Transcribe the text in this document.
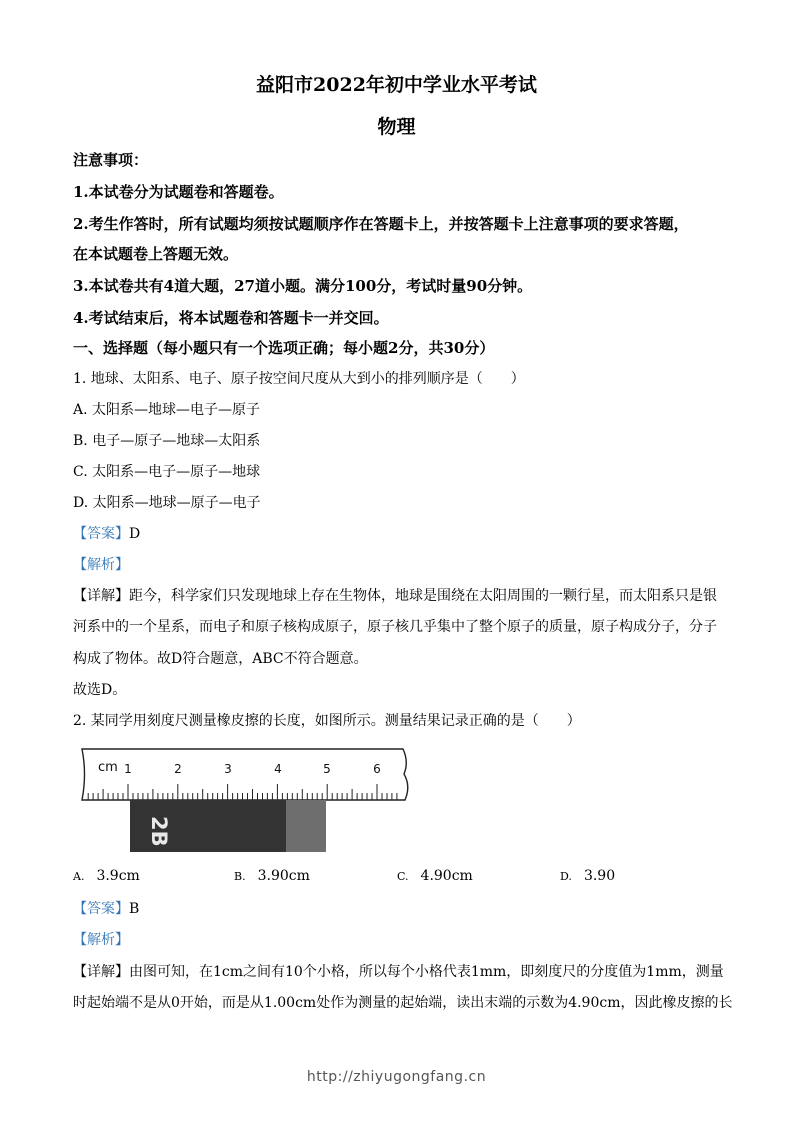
益阳市2022年初中学业水平考试
物理
注意事项：
1.本试卷分为试题卷和答题卷。
2.考生作答时，所有试题均须按试题顺序作在答题卡上，并按答题卡上注意事项的要求答题，
在本试题卷上答题无效。
3.本试卷共有4道大题，27道小题。满分100分，考试时量90分钟。
4.考试结束后，将本试题卷和答题卡一并交回。
一、选择题（每小题只有一个选项正确；每小题2分，共30分）
1. 地球、太阳系、电子、原子按空间尺度从大到小的排列顺序是（　　）
A. 太阳系—地球—电子—原子
B. 电子—原子—地球—太阳系
C. 太阳系—电子—原子—地球
D. 太阳系—地球—原子—电子
【答案】D
【解析】
【详解】距今，科学家们只发现地球上存在生物体，地球是围绕在太阳周围的一颗行星，而太阳系只是银
河系中的一个星系，而电子和原子核构成原子，原子核几乎集中了整个原子的质量，原子构成分子，分子
构成了物体。故D符合题意，ABC不符合题意。
故选D。
2. 某同学用刻度尺测量橡皮擦的长度，如图所示。测量结果记录正确的是（　　）
cm 1	2	3	4	5	6
2B
A. 3.9cm	B. 3.90cm	C. 4.90cm	D. 3.90
【答案】B
【解析】
【详解】由图可知，在1cm之间有10个小格，所以每个小格代表1mm，即刻度尺的分度值为1mm，测量
时起始端不是从0开始，而是从1.00cm处作为测量的起始端，读出末端的示数为4.90cm，因此橡皮擦的长
http://zhiyugongfang.cn
